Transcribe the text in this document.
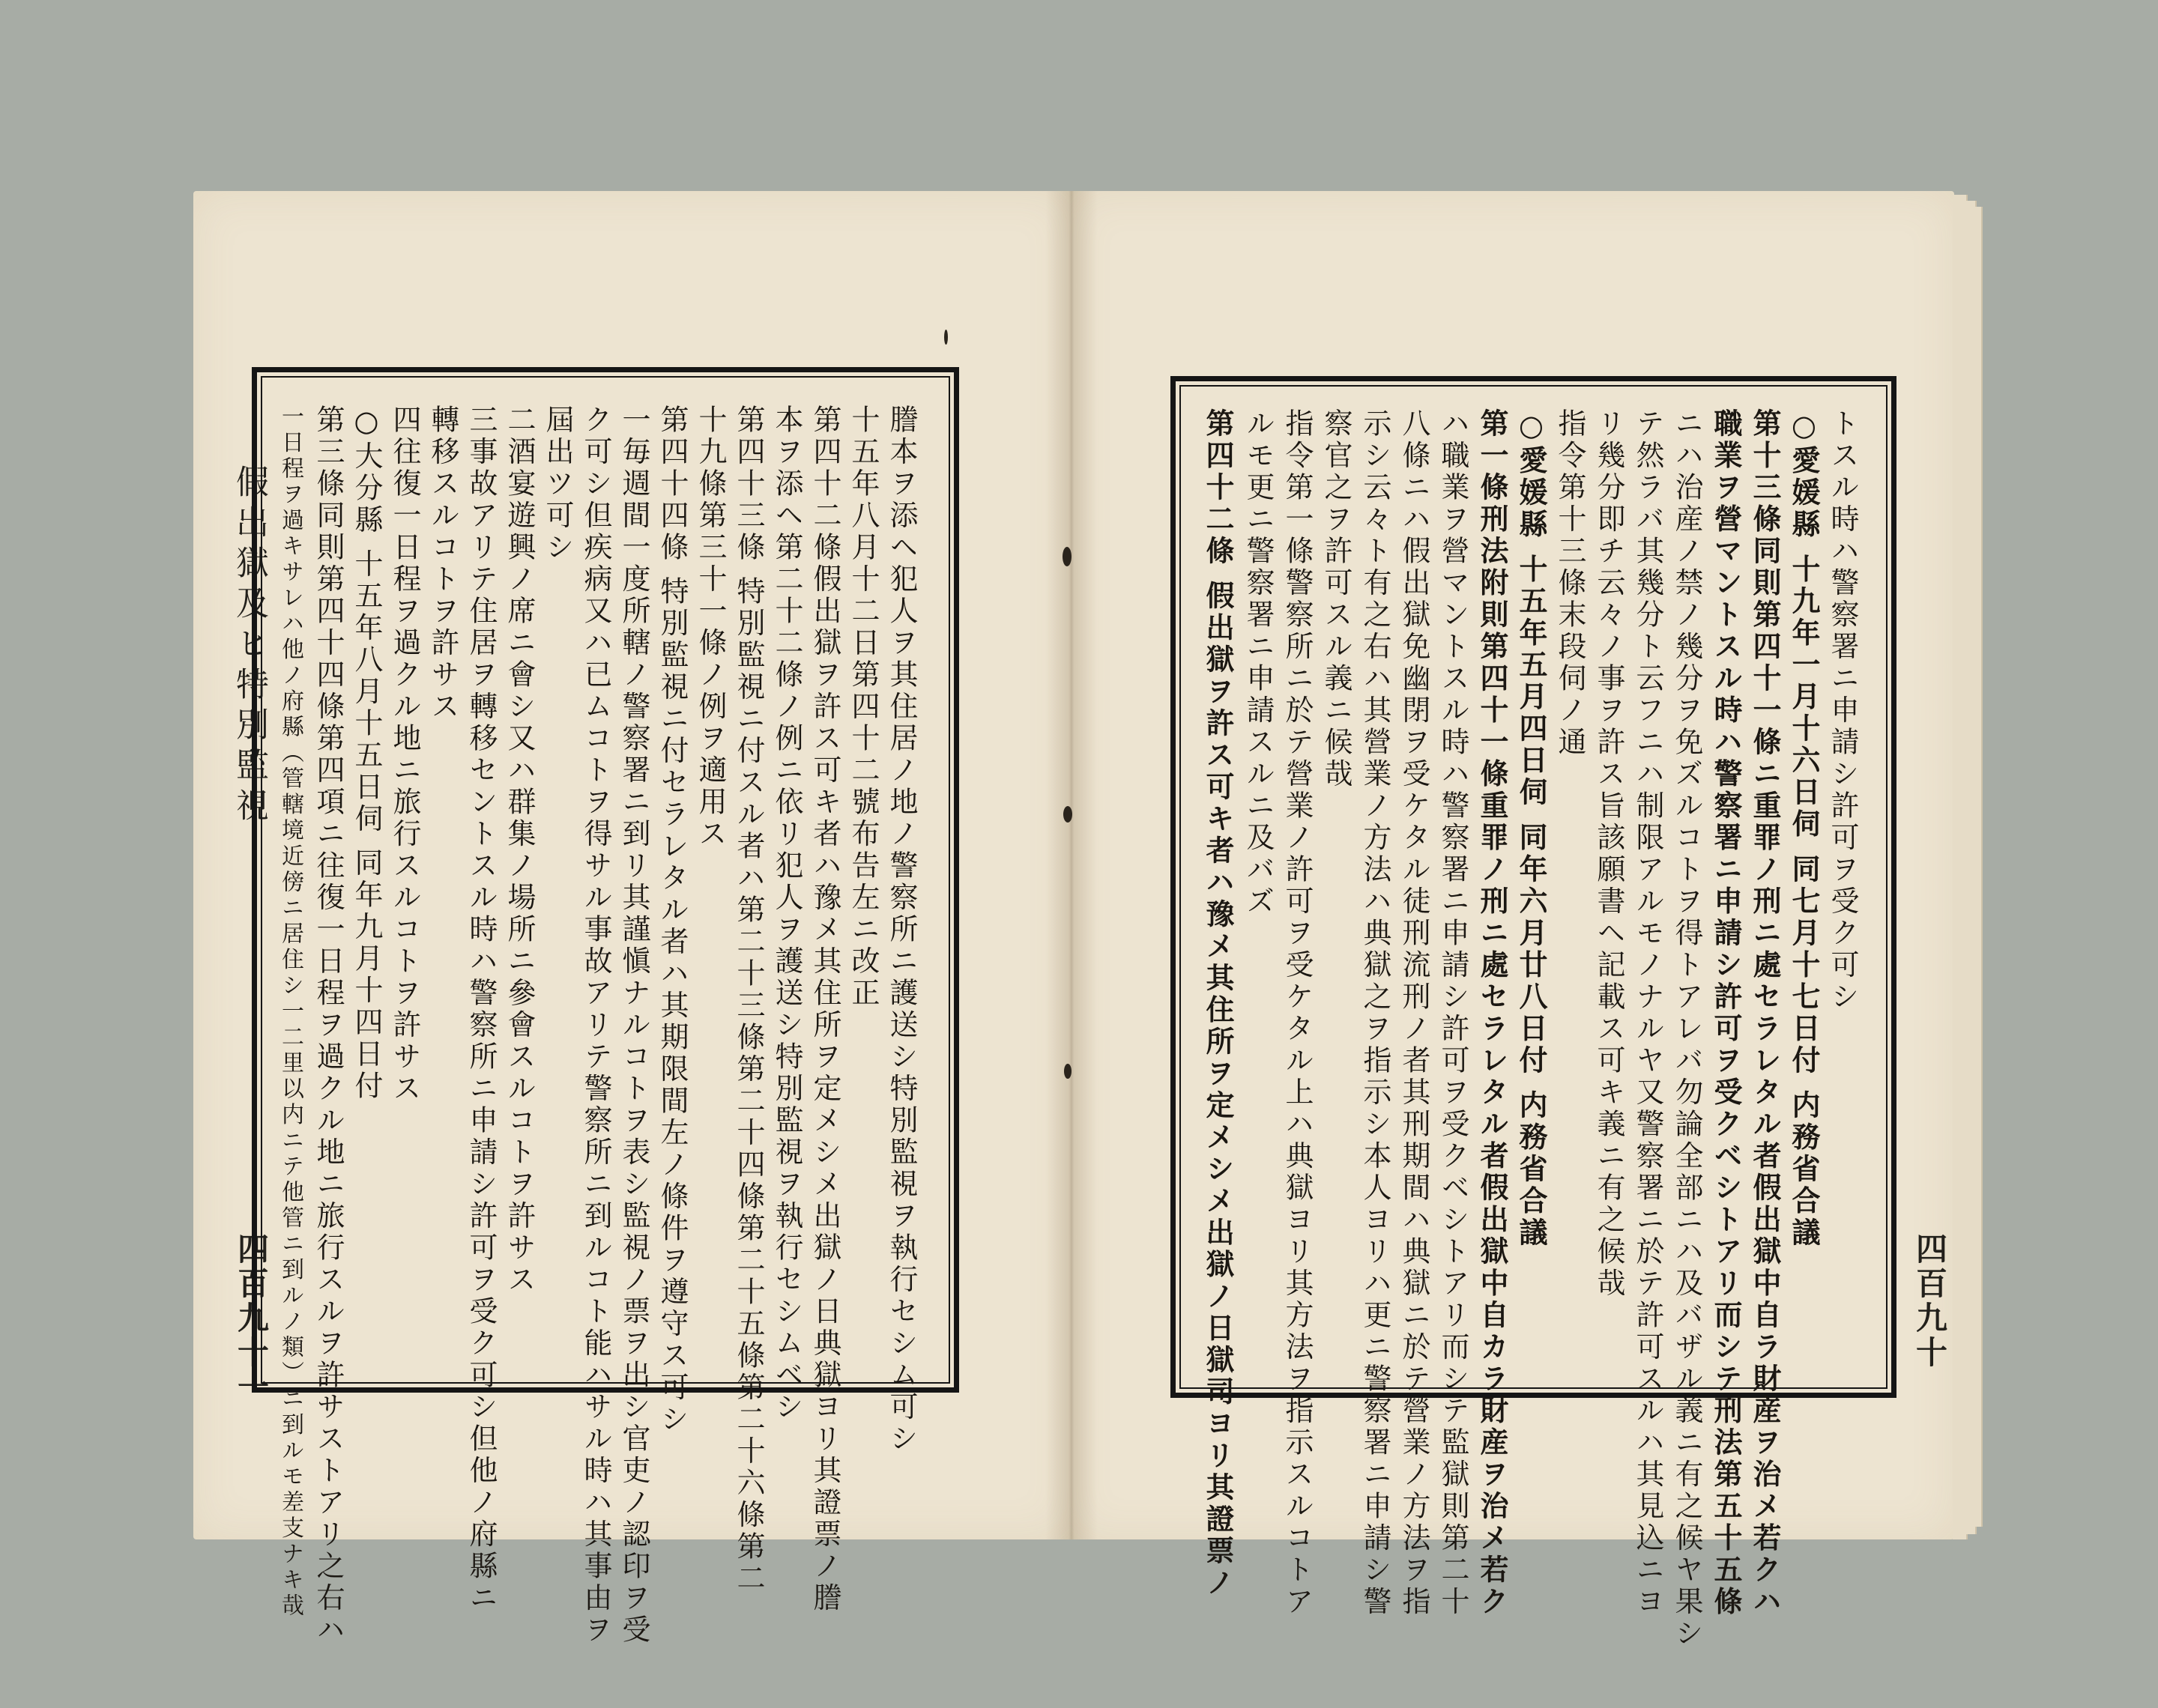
假出獄及ヒ特別監視
四百九十一	謄本ヲ添ヘ犯人ヲ其住居ノ地ノ警察所ニ護送シ特別監視ヲ執行セシム可シ
十五年八月十二日第四十二號布告左ニ改正
第四十二條假出獄ヲ許ス可キ者ハ豫メ其住所ヲ定メシメ出獄ノ日典獄ヨリ其證票ノ謄
本ヲ添ヘ第二十二條ノ例ニ依リ犯人ヲ護送シ特別監視ヲ執行セシムベシ
第四十三條 特別監視ニ付スル者ハ第二十三條第二十四條第二十五條第二十六條第二
十九條第三十一條ノ例ヲ適用ス
第四十四條 特別監視ニ付セラレタル者ハ其期限間左ノ條件ヲ遵守ス可シ
一毎週間一度所轄ノ警察署ニ到リ其謹愼ナルコトヲ表シ監視ノ票ヲ出シ官吏ノ認印ヲ受
ク可シ但疾病又ハ已ムコトヲ得サル事故アリテ警察所ニ到ルコト能ハサル時ハ其事由ヲ
屆出ツ可シ
二酒宴遊興ノ席ニ會シ又ハ群集ノ場所ニ參會スルコトヲ許サス
三事故アリテ住居ヲ轉移セントスル時ハ警察所ニ申請シ許可ヲ受ク可シ但他ノ府縣ニ
轉移スルコトヲ許サス
四往復一日程ヲ過クル地ニ旅行スルコトヲ許サス
○大分縣 十五年八月十五日伺 同年九月十四日付
第三條同則第四十四條第四項ニ往復一日程ヲ過クル地ニ旅行スルヲ許サストアリ之右ハ
一日程ヲ過キサレハ他ノ府縣（管轄境近傍ニ居住シ一二里以内ニテ他管ニ到ルノ類）ニ到ルモ差支ナキ哉	四百九十
トスル時ハ警察署ニ申請シ許可ヲ受ク可シ
○愛媛縣 十九年一月十六日伺 同七月十七日付 内務省合議
第十三條同則第四十一條ニ重罪ノ刑ニ處セラレタル者假出獄中自ラ財産ヲ治メ若クハ
職業ヲ營マントスル時ハ警察署ニ申請シ許可ヲ受クベシトアリ而シテ刑法第五十五條
ニハ治産ノ禁ノ幾分ヲ免ズルコトヲ得トアレバ勿論全部ニハ及バザル義ニ有之候ヤ果シ
テ然ラバ其幾分ト云フニハ制限アルモノナルヤ又警察署ニ於テ許可スルハ其見込ニヨ
リ幾分即チ云々ノ事ヲ許ス旨該願書ヘ記載ス可キ義ニ有之候哉
指令第十三條末段伺ノ通
○愛媛縣 十五年五月四日伺 同年六月廿八日付 内務省合議
第一條刑法附則第四十一條重罪ノ刑ニ處セラレタル者假出獄中自カラ財産ヲ治メ若ク
ハ職業ヲ營マントスル時ハ警察署ニ申請シ許可ヲ受クベシトアリ而シテ監獄則第二十
八條ニハ假出獄免幽閉ヲ受ケタル徒刑流刑ノ者其刑期間ハ典獄ニ於テ營業ノ方法ヲ指
示シ云々ト有之右ハ其營業ノ方法ハ典獄之ヲ指示シ本人ヨリハ更ニ警察署ニ申請シ警
察官之ヲ許可スル義ニ候哉
指令第一條警察所ニ於テ營業ノ許可ヲ受ケタル上ハ典獄ヨリ其方法ヲ指示スルコトア
ルモ更ニ警察署ニ申請スルニ及バズ
第四十二條 假出獄ヲ許ス可キ者ハ豫メ其住所ヲ定メシメ出獄ノ日獄司ヨリ其證票ノ
